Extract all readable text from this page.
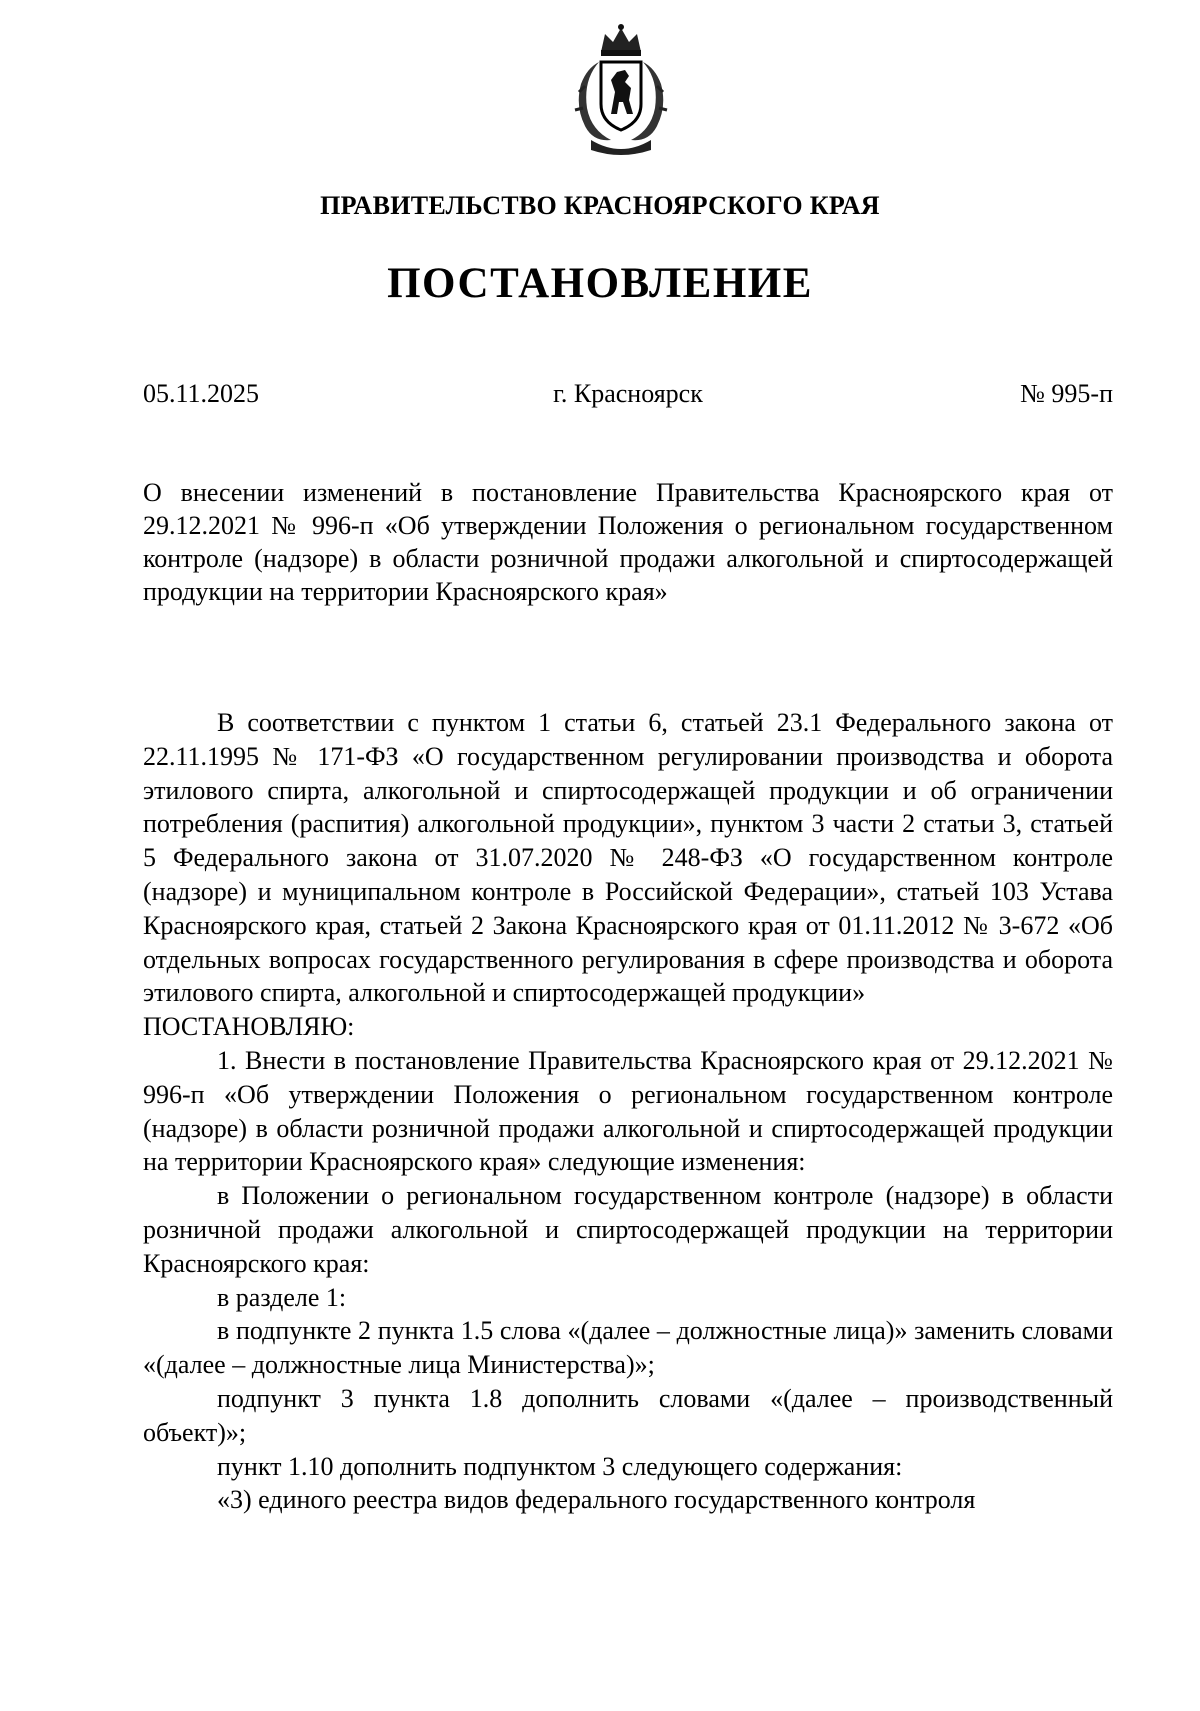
ПРАВИТЕЛЬСТВО КРАСНОЯРСКОГО КРАЯ
ПОСТАНОВЛЕНИЕ
г. Красноярск
05.11.2025	№ 995-п

О внесении изменений в постановление Правительства Красноярского края от 29.12.2021 № 996-п «Об утверждении Положения о региональном государственном контроле (надзоре) в области розничной продажи алкогольной и спиртосодержащей продукции на территории Красноярского края»

В соответствии с пунктом 1 статьи 6, статьей 23.1 Федерального закона от 22.11.1995 № 171-ФЗ «О государственном регулировании производства и оборота этилового спирта, алкогольной и спиртосодержащей продукции и об ограничении потребления (распития) алкогольной продукции», пунктом 3 части 2 статьи 3, статьей 5 Федерального закона от 31.07.2020 № 248-ФЗ «О государственном контроле (надзоре) и муниципальном контроле в Российской Федерации», статьей 103 Устава Красноярского края, статьей 2 Закона Красноярского края от 01.11.2012 № 3-672 «Об отдельных вопросах государственного регулирования в сфере производства и оборота этилового спирта, алкогольной и спиртосодержащей продукции»

ПОСТАНОВЛЯЮ:

1. Внести в постановление Правительства Красноярского края от 29.12.2021 № 996-п «Об утверждении Положения о региональном государственном контроле (надзоре) в области розничной продажи алкогольной и спиртосодержащей продукции на территории Красноярского края» следующие изменения:

в Положении о региональном государственном контроле (надзоре) в области розничной продажи алкогольной и спиртосодержащей продукции на территории Красноярского края:

в разделе 1:

в подпункте 2 пункта 1.5 слова «(далее – должностные лица)» заменить словами «(далее – должностные лица Министерства)»;

подпункт 3 пункта 1.8 дополнить словами «(далее – производственный объект)»;

пункт 1.10 дополнить подпунктом 3 следующего содержания:

«3) единого реестра видов федерального государственного контроля
